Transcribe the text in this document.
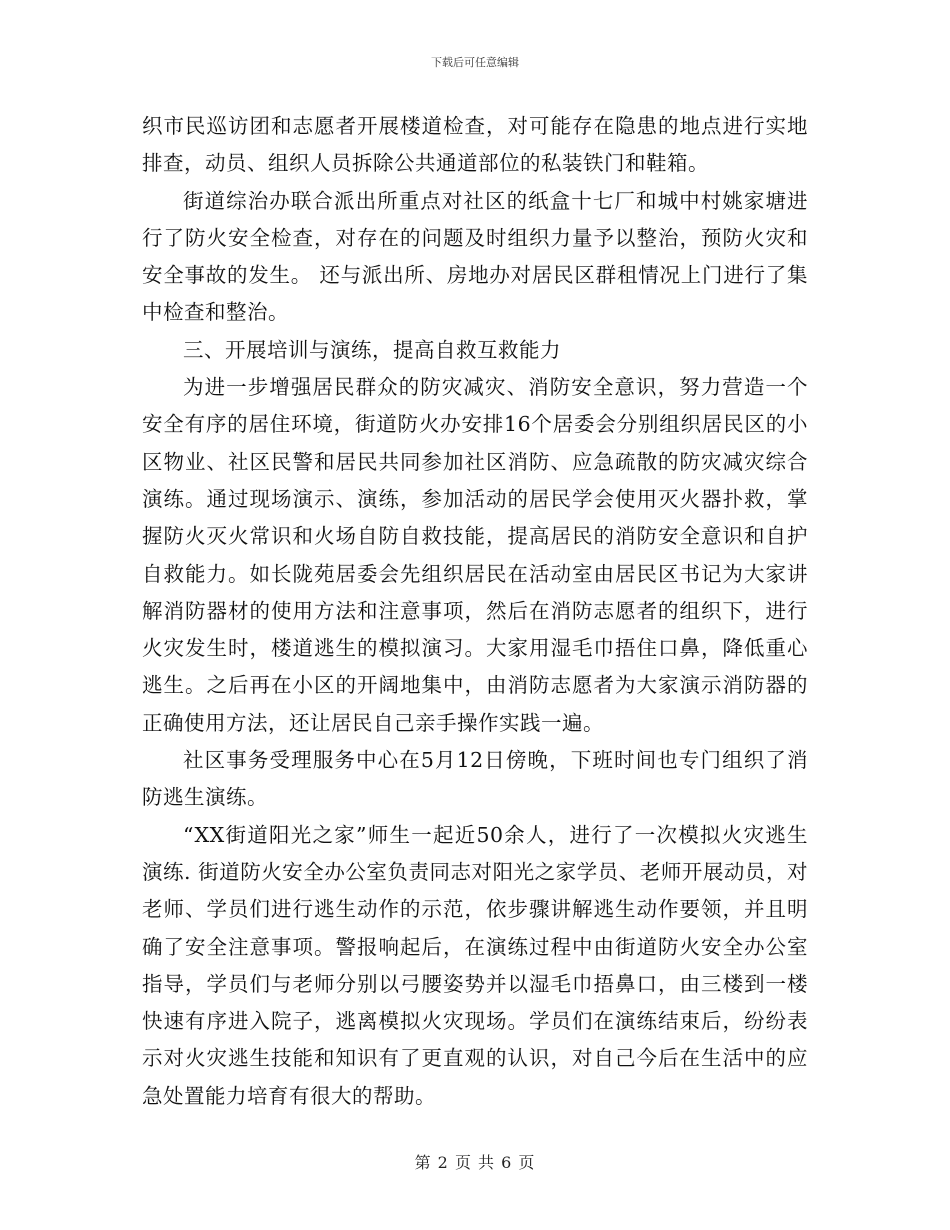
下载后可任意编辑

织市民巡访团和志愿者开展楼道检查，对可能存在隐患的地点进行实地排查，动员、组织人员拆除公共通道部位的私装铁门和鞋箱。

街道综治办联合派出所重点对社区的纸盒十七厂和城中村姚家塘进行了防火安全检查，对存在的问题及时组织力量予以整治，预防火灾和安全事故的发生。 还与派出所、房地办对居民区群租情况上门进行了集中检查和整治。

三、开展培训与演练，提高自救互救能力

为进一步增强居民群众的防灾减灾、消防安全意识，努力营造一个安全有序的居住环境，街道防火办安排16个居委会分别组织居民区的小区物业、社区民警和居民共同参加社区消防、应急疏散的防灾减灾综合演练。通过现场演示、演练，参加活动的居民学会使用灭火器扑救，掌握防火灭火常识和火场自防自救技能，提高居民的消防安全意识和自护自救能力。如长陇苑居委会先组织居民在活动室由居民区书记为大家讲解消防器材的使用方法和注意事项，然后在消防志愿者的组织下，进行火灾发生时，楼道逃生的模拟演习。大家用湿毛巾捂住口鼻，降低重心逃生。之后再在小区的开阔地集中，由消防志愿者为大家演示消防器的正确使用方法，还让居民自己亲手操作实践一遍。

社区事务受理服务中心在5月12日傍晚，下班时间也专门组织了消防逃生演练。

“XX街道阳光之家”师生一起近50余人，进行了一次模拟火灾逃生演练. 街道防火安全办公室负责同志对阳光之家学员、老师开展动员，对老师、学员们进行逃生动作的示范，依步骤讲解逃生动作要领，并且明确了安全注意事项。警报响起后，在演练过程中由街道防火安全办公室指导，学员们与老师分别以弓腰姿势并以湿毛巾捂鼻口，由三楼到一楼快速有序进入院子，逃离模拟火灾现场。学员们在演练结束后，纷纷表示对火灾逃生技能和知识有了更直观的认识，对自己今后在生活中的应急处置能力培育有很大的帮助。

第 2 页 共 6 页
